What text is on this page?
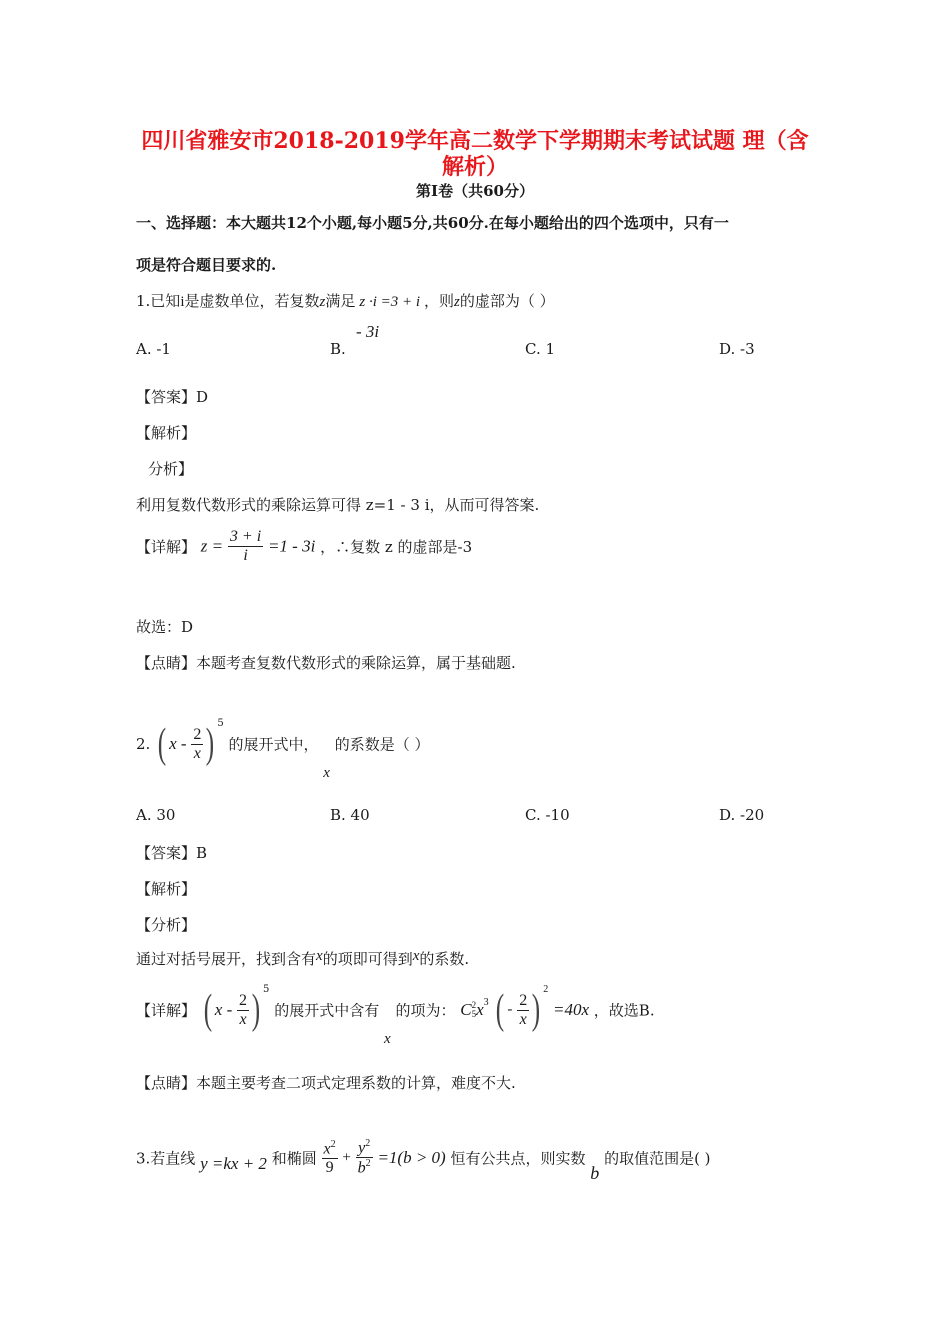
四川省雅安市2018-2019学年高二数学下学期期末考试试题 理（含
解析）
第Ⅰ卷（共60分）
一、选择题：本大题共12个小题,每小题5分,共60分.在每小题给出的四个选项中，只有一
项是符合题目要求的.
1.已知i是虚数单位，若复数z满足 z ·i =3 + i ，则z的虚部为（ ）
A. -1	B.
- 3i
C. 1	D. -3
【答案】D
【解析】
分析】
利用复数代数形式的乘除运算可得 z=1 - 3 i，从而可得答案.
【详解】 $z = \frac{3 + i}{i} =1 - 3i$ ，∴复数 z 的虚部是-3
故选：D
【点睛】本题考查复数代数形式的乘除运算，属于基础题.
2. ( x - $\frac{2}{x}$ ) $^5$ 的展开式中， x 的系数是（ ）
A. 30	B. 40	C. -10	D. -20
【答案】B
【解析】
【分析】
通过对括号展开，找到含有x的项即可得到x的系数.
【详解】 ( x - $\frac{2}{x}$ ) $^5$ 的展开式中含有 x 的项为： C 2
5 $x^3$ ( - $\frac{2}{x}$ ) $^2$ =40x ，故选B.
【点睛】本题主要考查二项式定理系数的计算，难度不大.
3.若直线 y =kx + 2 和椭圆 $\frac{x^2}{9} + \frac{y^2}{b^2} =1(b > 0)$ 恒有公共点，则实数 b 的取值范围是( )
